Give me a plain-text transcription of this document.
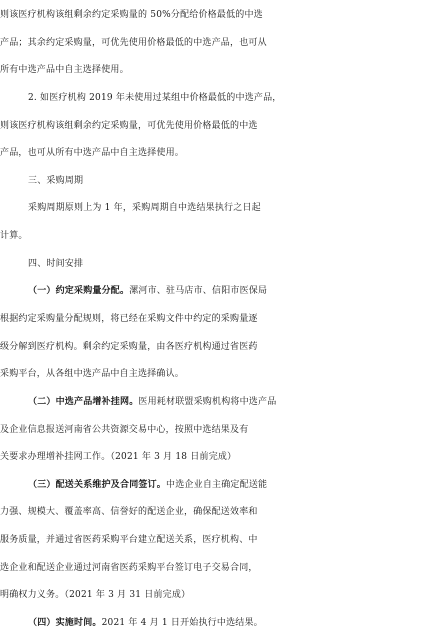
则该医疗机构该组剩余约定采购量的 50%分配给价格最低的中选
产品；其余约定采购量，可优先使用价格最低的中选产品，也可从
所有中选产品中自主选择使用。
2. 如医疗机构 2019 年未使用过某组中价格最低的中选产品，
则该医疗机构该组剩余约定采购量，可优先使用价格最低的中选
产品，也可从所有中选产品中自主选择使用。
三、采购周期
采购周期原则上为 1 年，采购周期自中选结果执行之日起
计算。
四、时间安排
（一）约定采购量分配。漯河市、驻马店市、信阳市医保局
根据约定采购量分配规则，将已经在采购文件中约定的采购量逐
级分解到医疗机构。剩余约定采购量，由各医疗机构通过省医药
采购平台，从各组中选产品中自主选择确认。
（二）中选产品增补挂网。医用耗材联盟采购机构将中选产品
及企业信息报送河南省公共资源交易中心，按照中选结果及有
关要求办理增补挂网工作。（2021 年 3 月 18 日前完成）
（三）配送关系维护及合同签订。中选企业自主确定配送能
力强、规模大、覆盖率高、信誉好的配送企业，确保配送效率和
服务质量，并通过省医药采购平台建立配送关系，医疗机构、中
选企业和配送企业通过河南省医药采购平台签订电子交易合同，
明确权力义务。（2021 年 3 月 31 日前完成）
（四）实施时间。2021 年 4 月 1 日开始执行中选结果。
